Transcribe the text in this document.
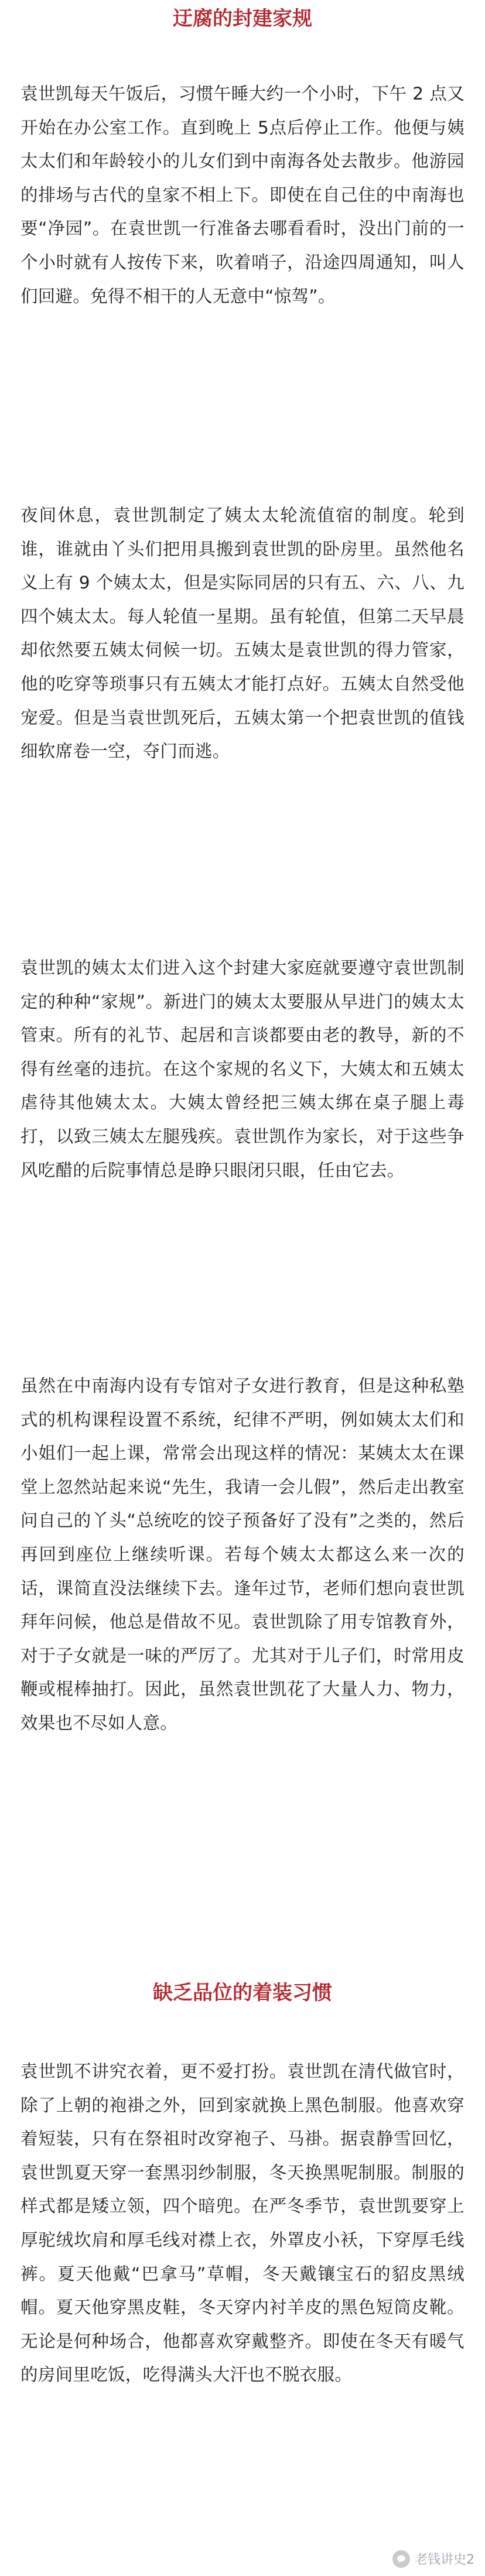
迂腐的封建家规

袁世凯每天午饭后，习惯午睡大约一个小时，下午 2 点又开始在办公室工作。直到晚上 5点后停止工作。他便与姨太太们和年龄较小的儿女们到中南海各处去散步。他游园的排场与古代的皇家不相上下。即使在自己住的中南海也要“净园”。在袁世凯一行准备去哪看看时，没出门前的一个小时就有人按传下来，吹着哨子，沿途四周通知，叫人们回避。免得不相干的人无意中“惊驾”。

夜间休息，袁世凯制定了姨太太轮流值宿的制度。轮到谁，谁就由丫头们把用具搬到袁世凯的卧房里。虽然他名义上有 9 个姨太太，但是实际同居的只有五、六、八、九四个姨太太。每人轮值一星期。虽有轮值，但第二天早晨却依然要五姨太伺候一切。五姨太是袁世凯的得力管家，他的吃穿等琐事只有五姨太才能打点好。五姨太自然受他宠爱。但是当袁世凯死后，五姨太第一个把袁世凯的值钱细软席卷一空，夺门而逃。

袁世凯的姨太太们进入这个封建大家庭就要遵守袁世凯制定的种种“家规”。新进门的姨太太要服从早进门的姨太太管束。所有的礼节、起居和言谈都要由老的教导，新的不得有丝毫的违抗。在这个家规的名义下，大姨太和五姨太虐待其他姨太太。大姨太曾经把三姨太绑在桌子腿上毒打，以致三姨太左腿残疾。袁世凯作为家长，对于这些争风吃醋的后院事情总是睁只眼闭只眼，任由它去。

虽然在中南海内设有专馆对子女进行教育，但是这种私塾式的机构课程设置不系统，纪律不严明，例如姨太太们和小姐们一起上课，常常会出现这样的情况：某姨太太在课堂上忽然站起来说“先生，我请一会儿假”，然后走出教室问自己的丫头“总统吃的饺子预备好了没有”之类的，然后再回到座位上继续听课。若每个姨太太都这么来一次的话，课简直没法继续下去。逢年过节，老师们想向袁世凯拜年问候，他总是借故不见。袁世凯除了用专馆教育外，对于子女就是一味的严厉了。尤其对于儿子们，时常用皮鞭或棍棒抽打。因此，虽然袁世凯花了大量人力、物力，效果也不尽如人意。

缺乏品位的着装习惯

袁世凯不讲究衣着，更不爱打扮。袁世凯在清代做官时，除了上朝的袍褂之外，回到家就换上黑色制服。他喜欢穿着短装，只有在祭祖时改穿袍子、马褂。据袁静雪回忆，袁世凯夏天穿一套黑羽纱制服，冬天换黑呢制服。制服的样式都是矮立领，四个暗兜。在严冬季节，袁世凯要穿上厚驼绒坎肩和厚毛线对襟上衣，外罩皮小袄，下穿厚毛线裤。夏天他戴“巴拿马”草帽，冬天戴镶宝石的貂皮黑绒帽。夏天他穿黑皮鞋，冬天穿内衬羊皮的黑色短筒皮靴。无论是何种场合，他都喜欢穿戴整齐。即使在冬天有暖气的房间里吃饭，吃得满头大汗也不脱衣服。

老钱讲史2
